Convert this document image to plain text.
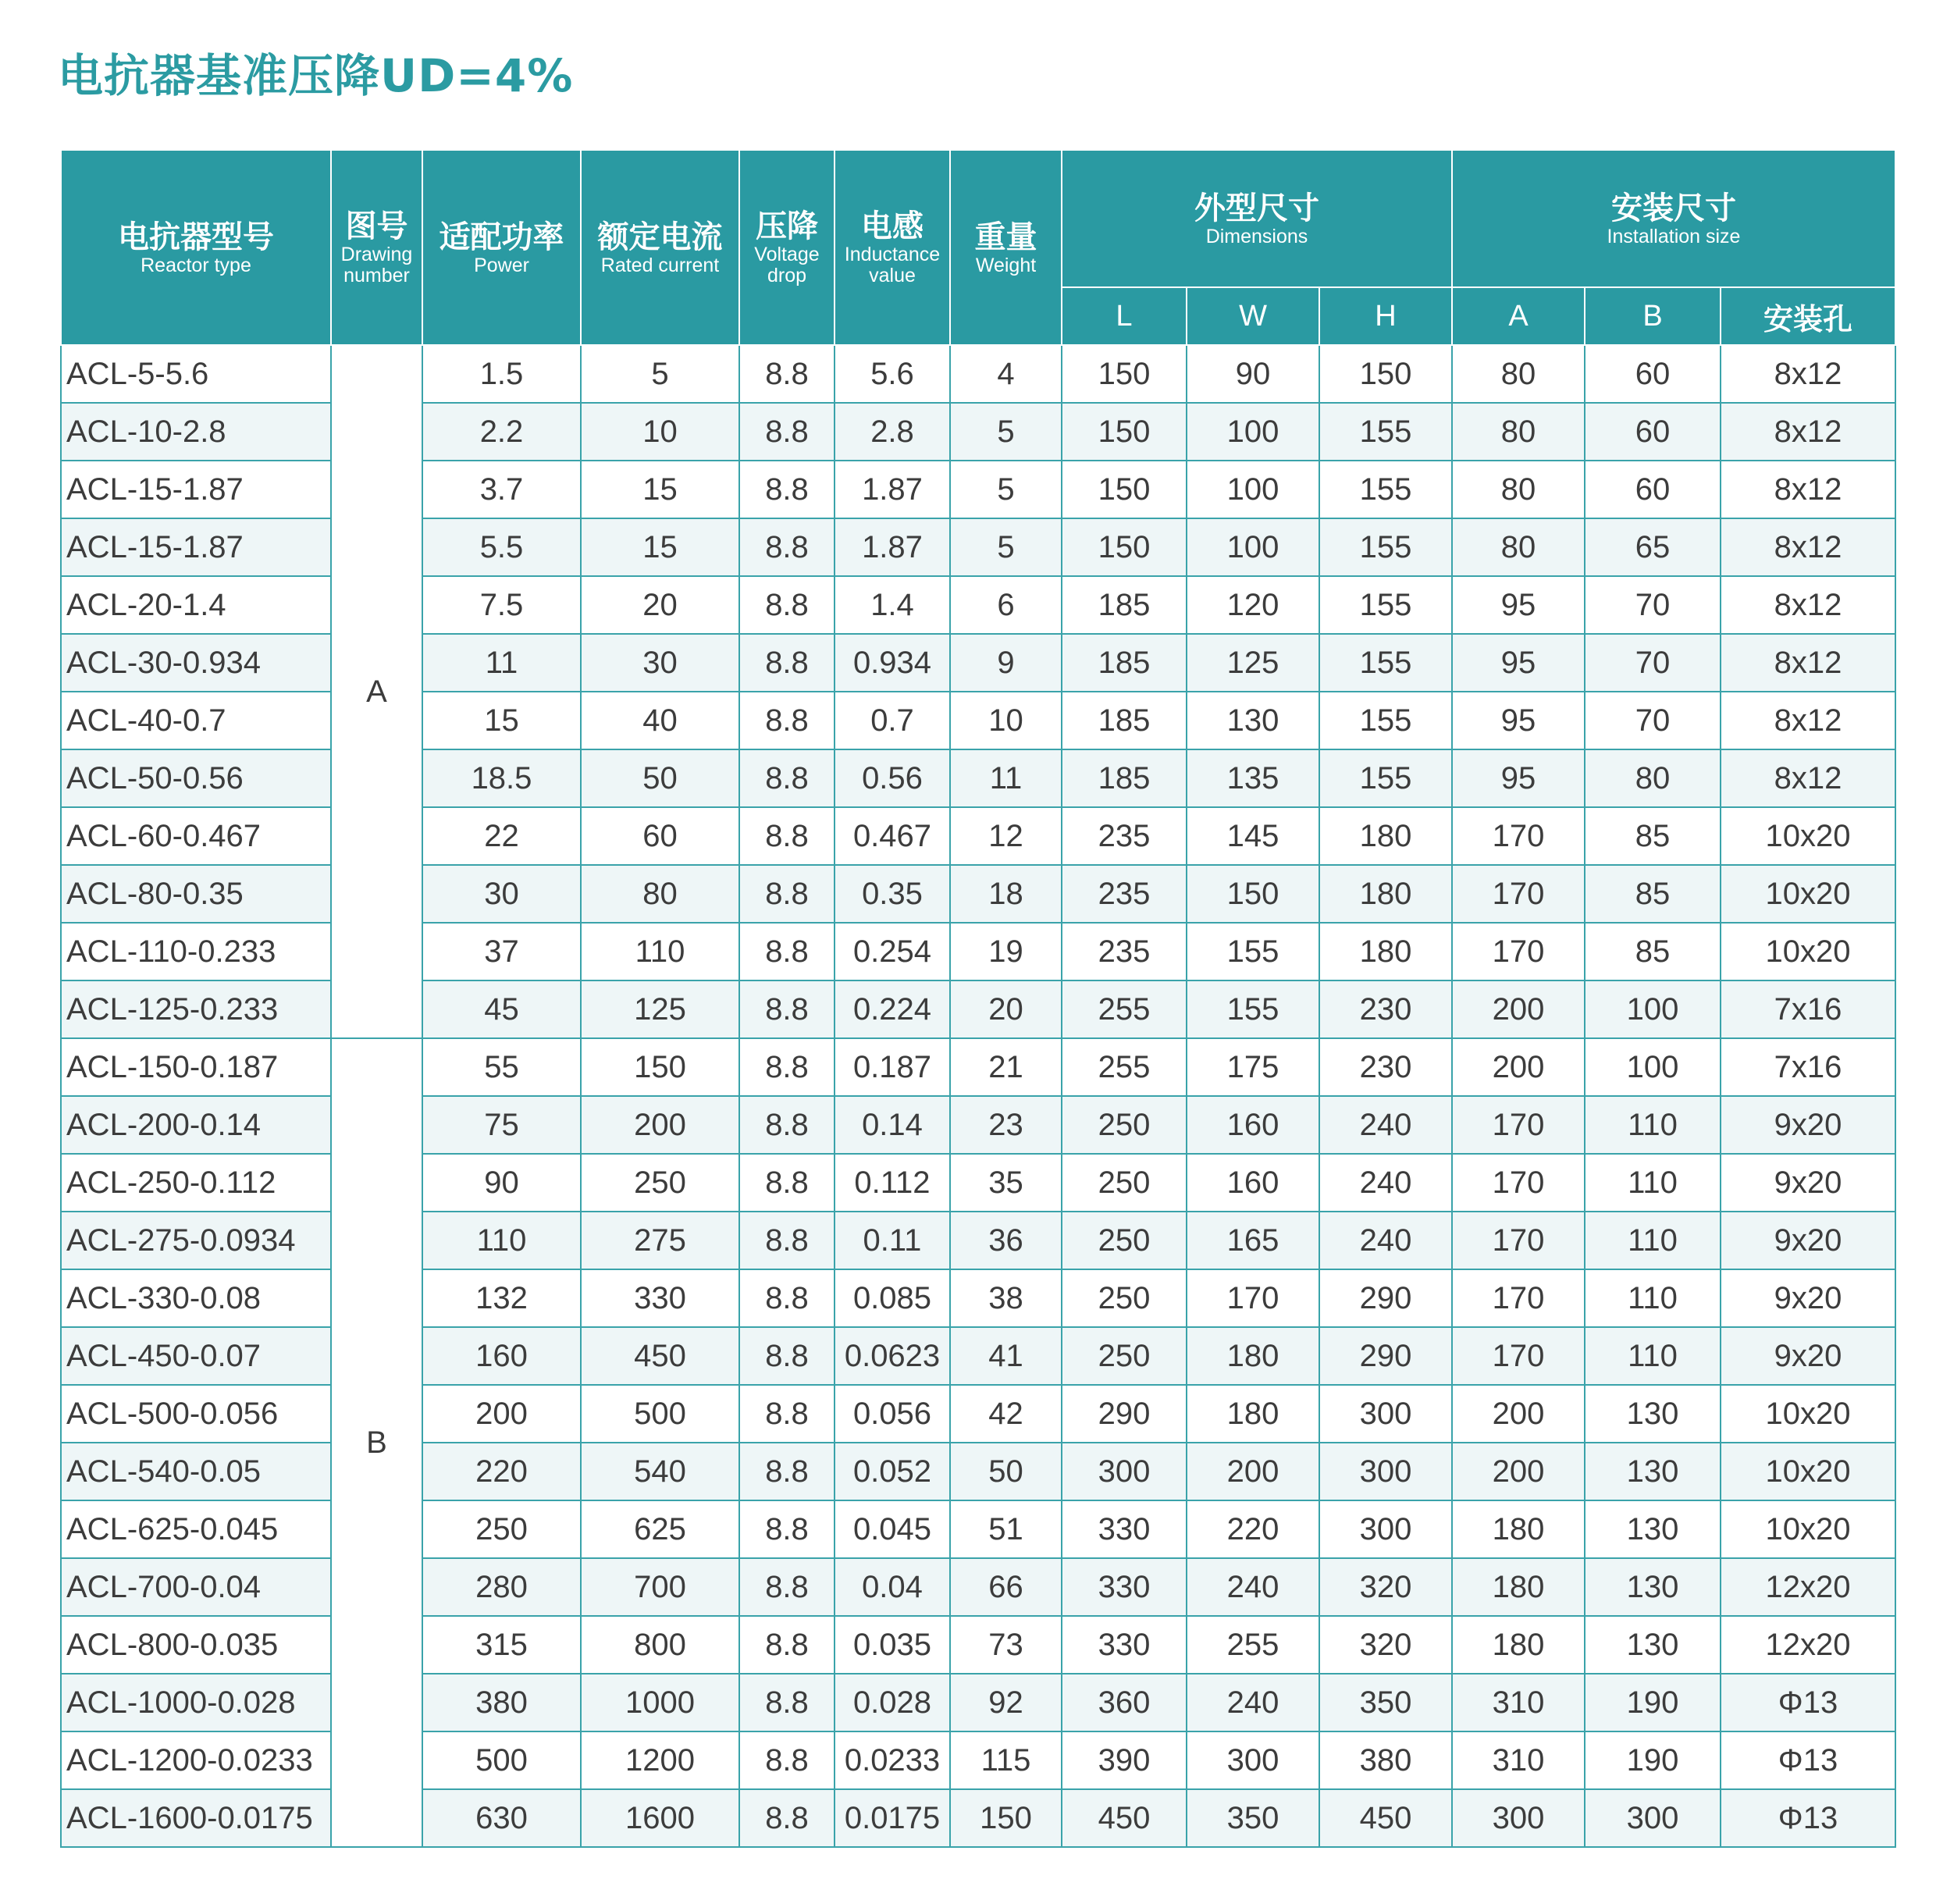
电抗器基准压降UD=4%
电抗器型号
Reactor type	图号
Drawing
number	适配功率
Power	额定电流
Rated current	压降
Voltage
drop	电感
Inductance
value	重量
Weight	外型尺寸
Dimensions			安装尺寸
Installation size		

							L	W	H	A	B	安装孔
ACL-5-5.6	A	1.5	5	8.8	5.6	4	150	90	150	80	60	8x12
ACL-10-2.8		2.2	10	8.8	2.8	5	150	100	155	80	60	8x12
ACL-15-1.87		3.7	15	8.8	1.87	5	150	100	155	80	60	8x12
ACL-15-1.87		5.5	15	8.8	1.87	5	150	100	155	80	65	8x12
ACL-20-1.4		7.5	20	8.8	1.4	6	185	120	155	95	70	8x12
ACL-30-0.934		11	30	8.8	0.934	9	185	125	155	95	70	8x12
ACL-40-0.7		15	40	8.8	0.7	10	185	130	155	95	70	8x12
ACL-50-0.56		18.5	50	8.8	0.56	11	185	135	155	95	80	8x12
ACL-60-0.467		22	60	8.8	0.467	12	235	145	180	170	85	10x20
ACL-80-0.35		30	80	8.8	0.35	18	235	150	180	170	85	10x20
ACL-110-0.233		37	110	8.8	0.254	19	235	155	180	170	85	10x20
ACL-125-0.233		45	125	8.8	0.224	20	255	155	230	200	100	7x16
ACL-150-0.187	B	55	150	8.8	0.187	21	255	175	230	200	100	7x16
ACL-200-0.14		75	200	8.8	0.14	23	250	160	240	170	110	9x20
ACL-250-0.112		90	250	8.8	0.112	35	250	160	240	170	110	9x20
ACL-275-0.0934		110	275	8.8	0.11	36	250	165	240	170	110	9x20
ACL-330-0.08		132	330	8.8	0.085	38	250	170	290	170	110	9x20
ACL-450-0.07		160	450	8.8	0.0623	41	250	180	290	170	110	9x20
ACL-500-0.056		200	500	8.8	0.056	42	290	180	300	200	130	10x20
ACL-540-0.05		220	540	8.8	0.052	50	300	200	300	200	130	10x20
ACL-625-0.045		250	625	8.8	0.045	51	330	220	300	180	130	10x20
ACL-700-0.04		280	700	8.8	0.04	66	330	240	320	180	130	12x20
ACL-800-0.035		315	800	8.8	0.035	73	330	255	320	180	130	12x20
ACL-1000-0.028		380	1000	8.8	0.028	92	360	240	350	310	190	Φ13
ACL-1200-0.0233		500	1200	8.8	0.0233	115	390	300	380	310	190	Φ13
ACL-1600-0.0175		630	1600	8.8	0.0175	150	450	350	450	300	300	Φ13
